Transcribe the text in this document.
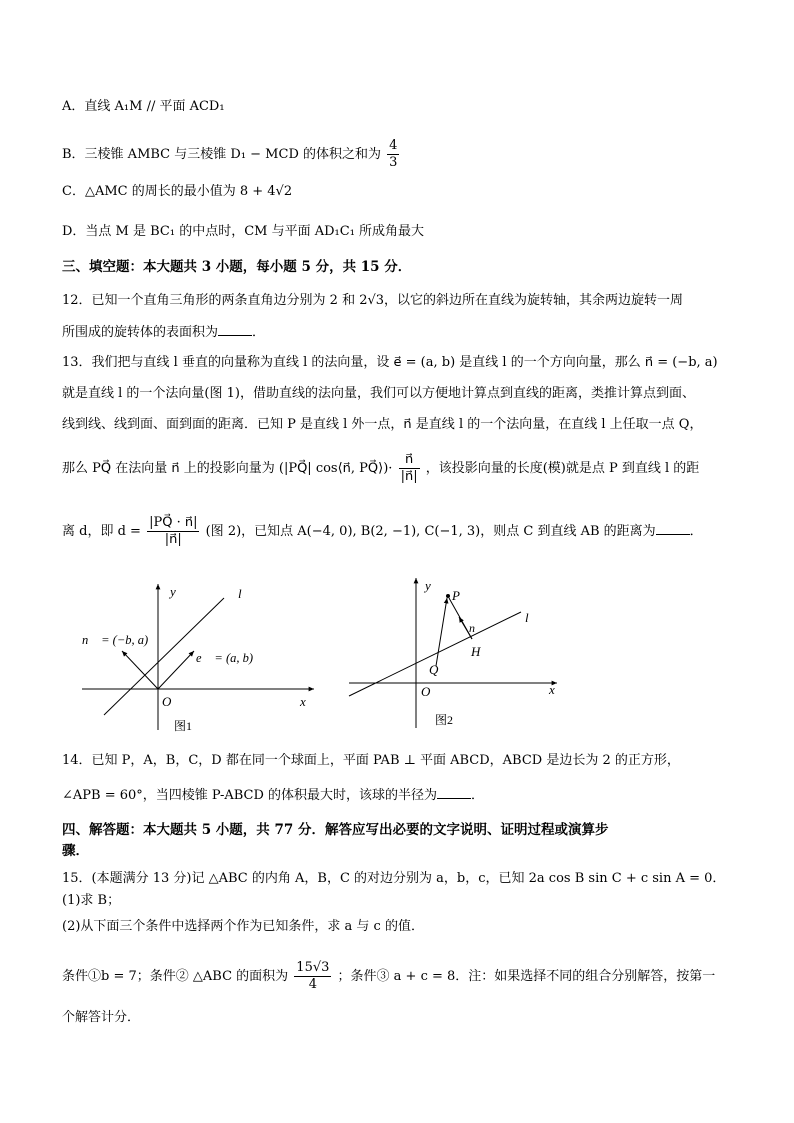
A．直线 A₁M // 平面 ACD₁
B．三棱锥 AMBC 与三棱锥 D₁ − MCD 的体积之和为 $\frac{4}{3}$
C．△AMC 的周长的最小值为 8 + 4√2
D．当点 M 是 BC₁ 的中点时，CM 与平面 AD₁C₁ 所成角最大
三、填空题：本大题共 3 小题，每小题 5 分，共 15 分．
12．已知一个直角三角形的两条直角边分别为 2 和 2√3，以它的斜边所在直线为旋转轴，其余两边旋转一周
所围成的旋转体的表面积为	．
13．我们把与直线 l 垂直的向量称为直线 l 的法向量，设 e⃗ = (a, b) 是直线 l 的一个方向向量，那么 n⃗ = (−b, a)
就是直线 l 的一个法向量(图 1)，借助直线的法向量，我们可以方便地计算点到直线的距离，类推计算点到面、
线到线、线到面、面到面的距离．已知 P 是直线 l 外一点，n⃗ 是直线 l 的一个法向量，在直线 l 上任取一点 Q，
那么 PQ⃗ 在法向量 n⃗ 上的投影向量为 (|PQ⃗| cos⟨n⃗, PQ⃗⟩)· $\frac{n⃗}{|n⃗|}$ ，该投影向量的长度(模)就是点 P 到直线 l 的距
离 d，即 $d = \frac{|PQ⃗ \cdot n⃗|}{|n⃗|}$ (图 2)，已知点 A(−4, 0), B(2, −1), C(−1, 3)，则点 C 到直线 AB 的距离为	．
y	l
n⃗ = (−b, a)
e⃗ = (a, b)
O	x
图1
y
P
n⃗
l
H
Q
O	x
图2
14．已知 P，A，B，C，D 都在同一个球面上，平面 PAB ⊥ 平面 ABCD，ABCD 是边长为 2 的正方形，
∠APB = 60°，当四棱锥 P-ABCD 的体积最大时，该球的半径为	．
四、解答题：本大题共 5 小题，共 77 分．解答应写出必要的文字说明、证明过程或演算步
骤．
15．(本题满分 13 分)记 △ABC 的内角 A，B，C 的对边分别为 a，b，c，已知 2a cos B sin C + c sin A = 0．
(1)求 B；
(2)从下面三个条件中选择两个作为已知条件，求 a 与 c 的值．
条件①b = 7；条件② △ABC 的面积为 $\frac{15√3}{4}$ ；条件③ a + c = 8．注：如果选择不同的组合分别解答，按第一
个解答计分．
